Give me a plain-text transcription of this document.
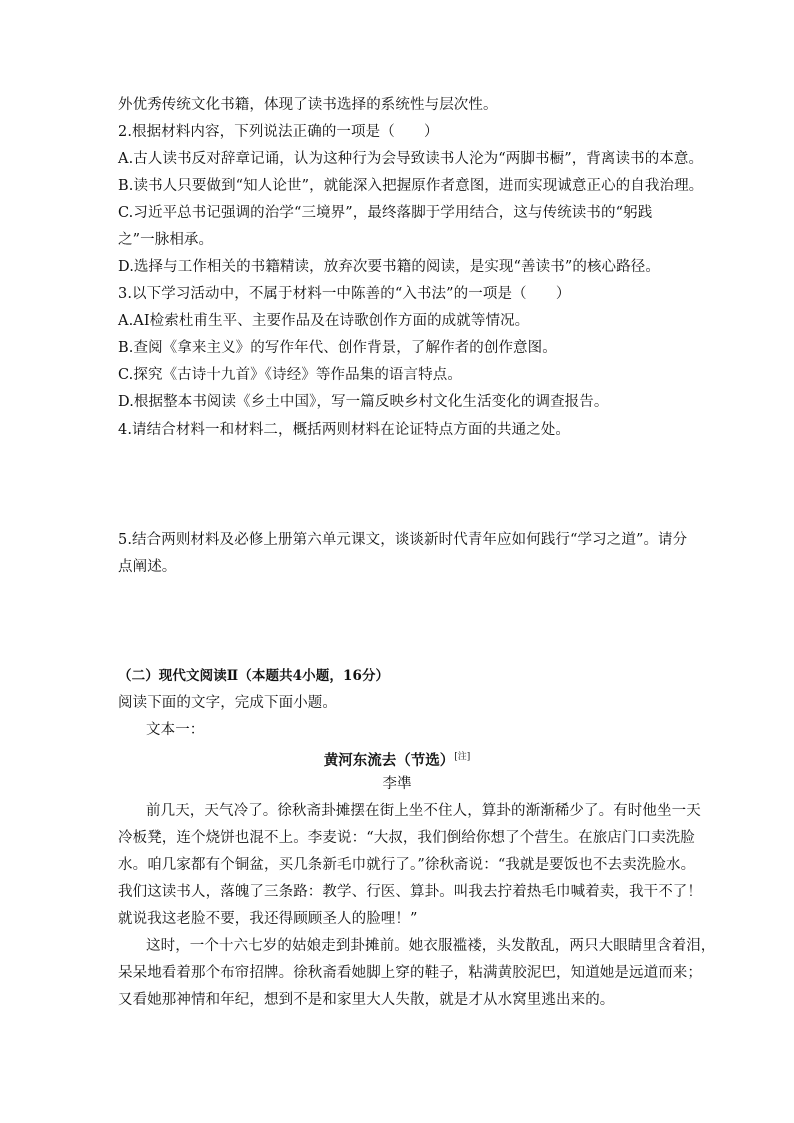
外优秀传统文化书籍，体现了读书选择的系统性与层次性。
2.根据材料内容，下列说法正确的一项是（　　）
A.古人读书反对辞章记诵，认为这种行为会导致读书人沦为“两脚书橱”，背离读书的本意。
B.读书人只要做到“知人论世”，就能深入把握原作者意图，进而实现诚意正心的自我治理。
C.习近平总书记强调的治学“三境界”，最终落脚于学用结合，这与传统读书的“躬践
之”一脉相承。
D.选择与工作相关的书籍精读，放弃次要书籍的阅读，是实现“善读书”的核心路径。
3.以下学习活动中，不属于材料一中陈善的“入书法”的一项是（　　）
A.AI检索杜甫生平、主要作品及在诗歌创作方面的成就等情况。
B.查阅《拿来主义》的写作年代、创作背景，了解作者的创作意图。
C.探究《古诗十九首》《诗经》等作品集的语言特点。
D.根据整本书阅读《乡土中国》，写一篇反映乡村文化生活变化的调查报告。
4.请结合材料一和材料二，概括两则材料在论证特点方面的共通之处。
5.结合两则材料及必修上册第六单元课文，谈谈新时代青年应如何践行“学习之道”。请分
点阐述。
（二）现代文阅读Ⅱ（本题共4小题，16分）
阅读下面的文字，完成下面小题。
文本一：
黄河东流去（节选）[注]
李凖
前几天，天气冷了。徐秋斋卦摊摆在街上坐不住人，算卦的渐渐稀少了。有时他坐一天
冷板凳，连个烧饼也混不上。李麦说：“大叔，我们倒给你想了个营生。在旅店门口卖洗脸
水。咱几家都有个铜盆，买几条新毛巾就行了。”徐秋斋说：“我就是要饭也不去卖洗脸水。
我们这读书人，落魄了三条路：教学、行医、算卦。叫我去拧着热毛巾喊着卖，我干不了！
就说我这老脸不要，我还得顾顾圣人的脸哩！”
这时，一个十六七岁的姑娘走到卦摊前。她衣服褴褛，头发散乱，两只大眼睛里含着泪，
呆呆地看着那个布帘招牌。徐秋斋看她脚上穿的鞋子，粘满黄胶泥巴，知道她是远道而来；
又看她那神情和年纪，想到不是和家里大人失散，就是才从水窝里逃出来的。
